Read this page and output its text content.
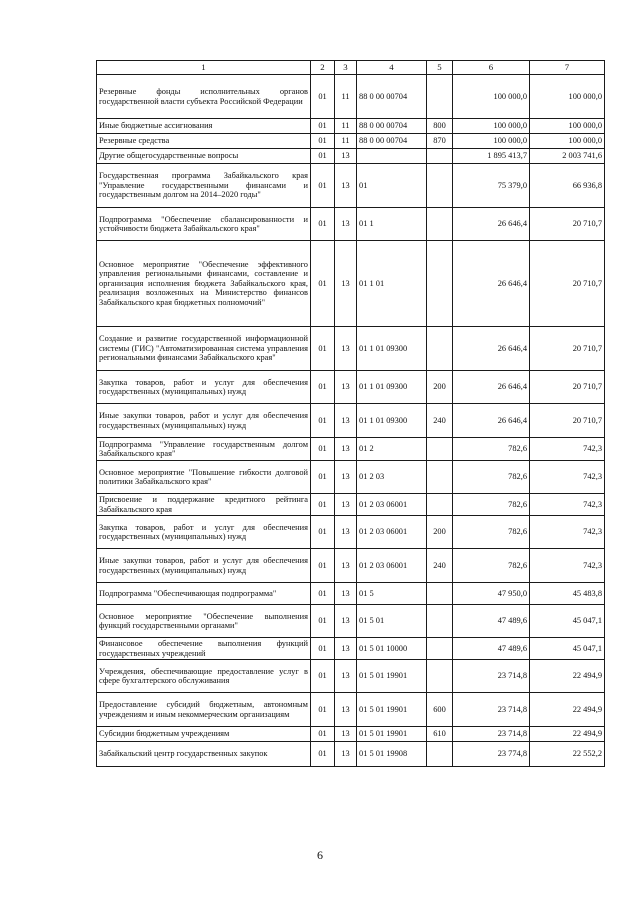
1	2	3	4	5	6	7
Резервные фонды исполнительных органов государственной власти субъекта Российской Федерации	01	11	88 0 00 00704		100 000,0	100 000,0
Иные бюджетные ассигнования	01	11	88 0 00 00704	800	100 000,0	100 000,0
Резервные средства	01	11	88 0 00 00704	870	100 000,0	100 000,0
Другие общегосударственные вопросы	01	13			1 895 413,7	2 003 741,6
Государственная программа Забайкальского края "Управление государственными финансами и государственным долгом на 2014–2020 годы"	01	13	01		75 379,0	66 936,8
Подпрограмма "Обеспечение сбалансированности и устойчивости бюджета Забайкальского края"	01	13	01 1		26 646,4	20 710,7
Основное мероприятие "Обеспечение эффективного управления региональными финансами, составление и организация исполнения бюджета Забайкальского края, реализация возложенных на Министерство финансов Забайкальского края бюджетных полномочий"	01	13	01 1 01		26 646,4	20 710,7
Создание и развитие государственной информационной системы (ГИС) "Автоматизированная система управления региональными финансами Забайкальского края"	01	13	01 1 01 09300		26 646,4	20 710,7
Закупка товаров, работ и услуг для обеспечения государственных (муниципальных) нужд	01	13	01 1 01 09300	200	26 646,4	20 710,7
Иные закупки товаров, работ и услуг для обеспечения государственных (муниципальных) нужд	01	13	01 1 01 09300	240	26 646,4	20 710,7
Подпрограмма "Управление государственным долгом Забайкальского края"	01	13	01 2		782,6	742,3
Основное мероприятие "Повышение гибкости долговой политики Забайкальского края"	01	13	01 2 03		782,6	742,3
Присвоение и поддержание кредитного рейтинга Забайкальского края	01	13	01 2 03 06001		782,6	742,3
Закупка товаров, работ и услуг для обеспечения государственных (муниципальных) нужд	01	13	01 2 03 06001	200	782,6	742,3
Иные закупки товаров, работ и услуг для обеспечения государственных (муниципальных) нужд	01	13	01 2 03 06001	240	782,6	742,3
Подпрограмма "Обеспечивающая подпрограмма"	01	13	01 5		47 950,0	45 483,8
Основное мероприятие "Обеспечение выполнения функций государственными органами"	01	13	01 5 01		47 489,6	45 047,1
Финансовое обеспечение выполнения функций государственных учреждений	01	13	01 5 01 10000		47 489,6	45 047,1
Учреждения, обеспечивающие предоставление услуг в сфере бухгалтерского обслуживания	01	13	01 5 01 19901		23 714,8	22 494,9
Предоставление субсидий бюджетным, автономным учреждениям и иным некоммерческим организациям	01	13	01 5 01 19901	600	23 714,8	22 494,9
Субсидии бюджетным учреждениям	01	13	01 5 01 19901	610	23 714,8	22 494,9
Забайкальский центр государственных закупок	01	13	01 5 01 19908		23 774,8	22 552,2
6
